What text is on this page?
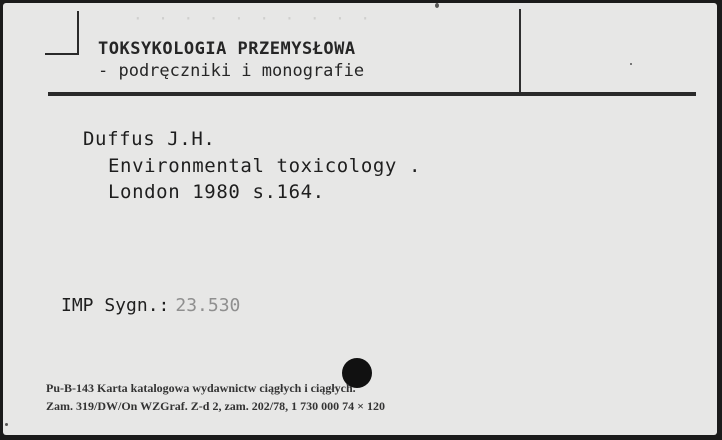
· · · · · · · · · ·
TOKSYKOLOGIA PRZEMYSŁOWA
- podręczniki i monografie
Duffus J.H.
Environmental toxicology .
London 1980 s.164.
IMP Sygn.: 23.530
Pu-B-143 Karta katalogowa wydawnictw ciągłych i ciągłych.
Zam. 319/DW/On WZGraf. Z-d 2, zam. 202/78, 1 730 000 74 × 120
